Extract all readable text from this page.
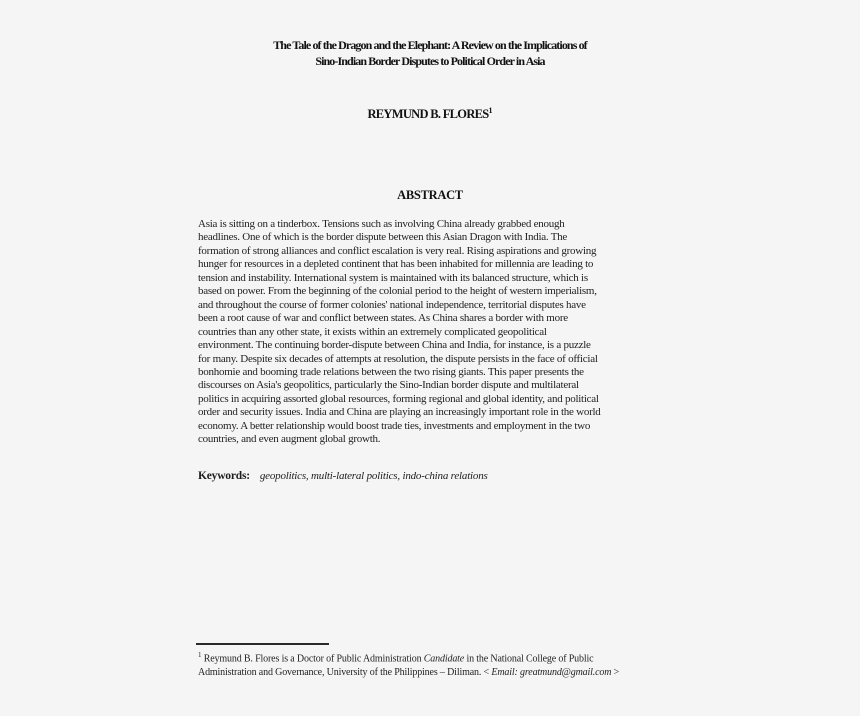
The Tale of the Dragon and the Elephant: A Review on the Implications of
Sino-Indian Border Disputes to Political Order in Asia
REYMUND B. FLORES$^1$
ABSTRACT
Asia is sitting on a tinderbox. Tensions such as involving China already grabbed enough
headlines. One of which is the border dispute between this Asian Dragon with India. The
formation of strong alliances and conflict escalation is very real. Rising aspirations and growing
hunger for resources in a depleted continent that has been inhabited for millennia are leading to
tension and instability. International system is maintained with its balanced structure, which is
based on power. From the beginning of the colonial period to the height of western imperialism,
and throughout the course of former colonies' national independence, territorial disputes have
been a root cause of war and conflict between states. As China shares a border with more
countries than any other state, it exists within an extremely complicated geopolitical
environment. The continuing border-dispute between China and India, for instance, is a puzzle
for many. Despite six decades of attempts at resolution, the dispute persists in the face of official
bonhomie and booming trade relations between the two rising giants. This paper presents the
discourses on Asia's geopolitics, particularly the Sino-Indian border dispute and multilateral
politics in acquiring assorted global resources, forming regional and global identity, and political
order and security issues. India and China are playing an increasingly important role in the world
economy. A better relationship would boost trade ties, investments and employment in the two
countries, and even augment global growth.
Keywords: geopolitics, multi-lateral politics, indo-china relations
$^1$ Reymund B. Flores is a Doctor of Public Administration Candidate in the National College of Public
Administration and Governance, University of the Philippines – Diliman. < Email: greatmund@gmail.com >
